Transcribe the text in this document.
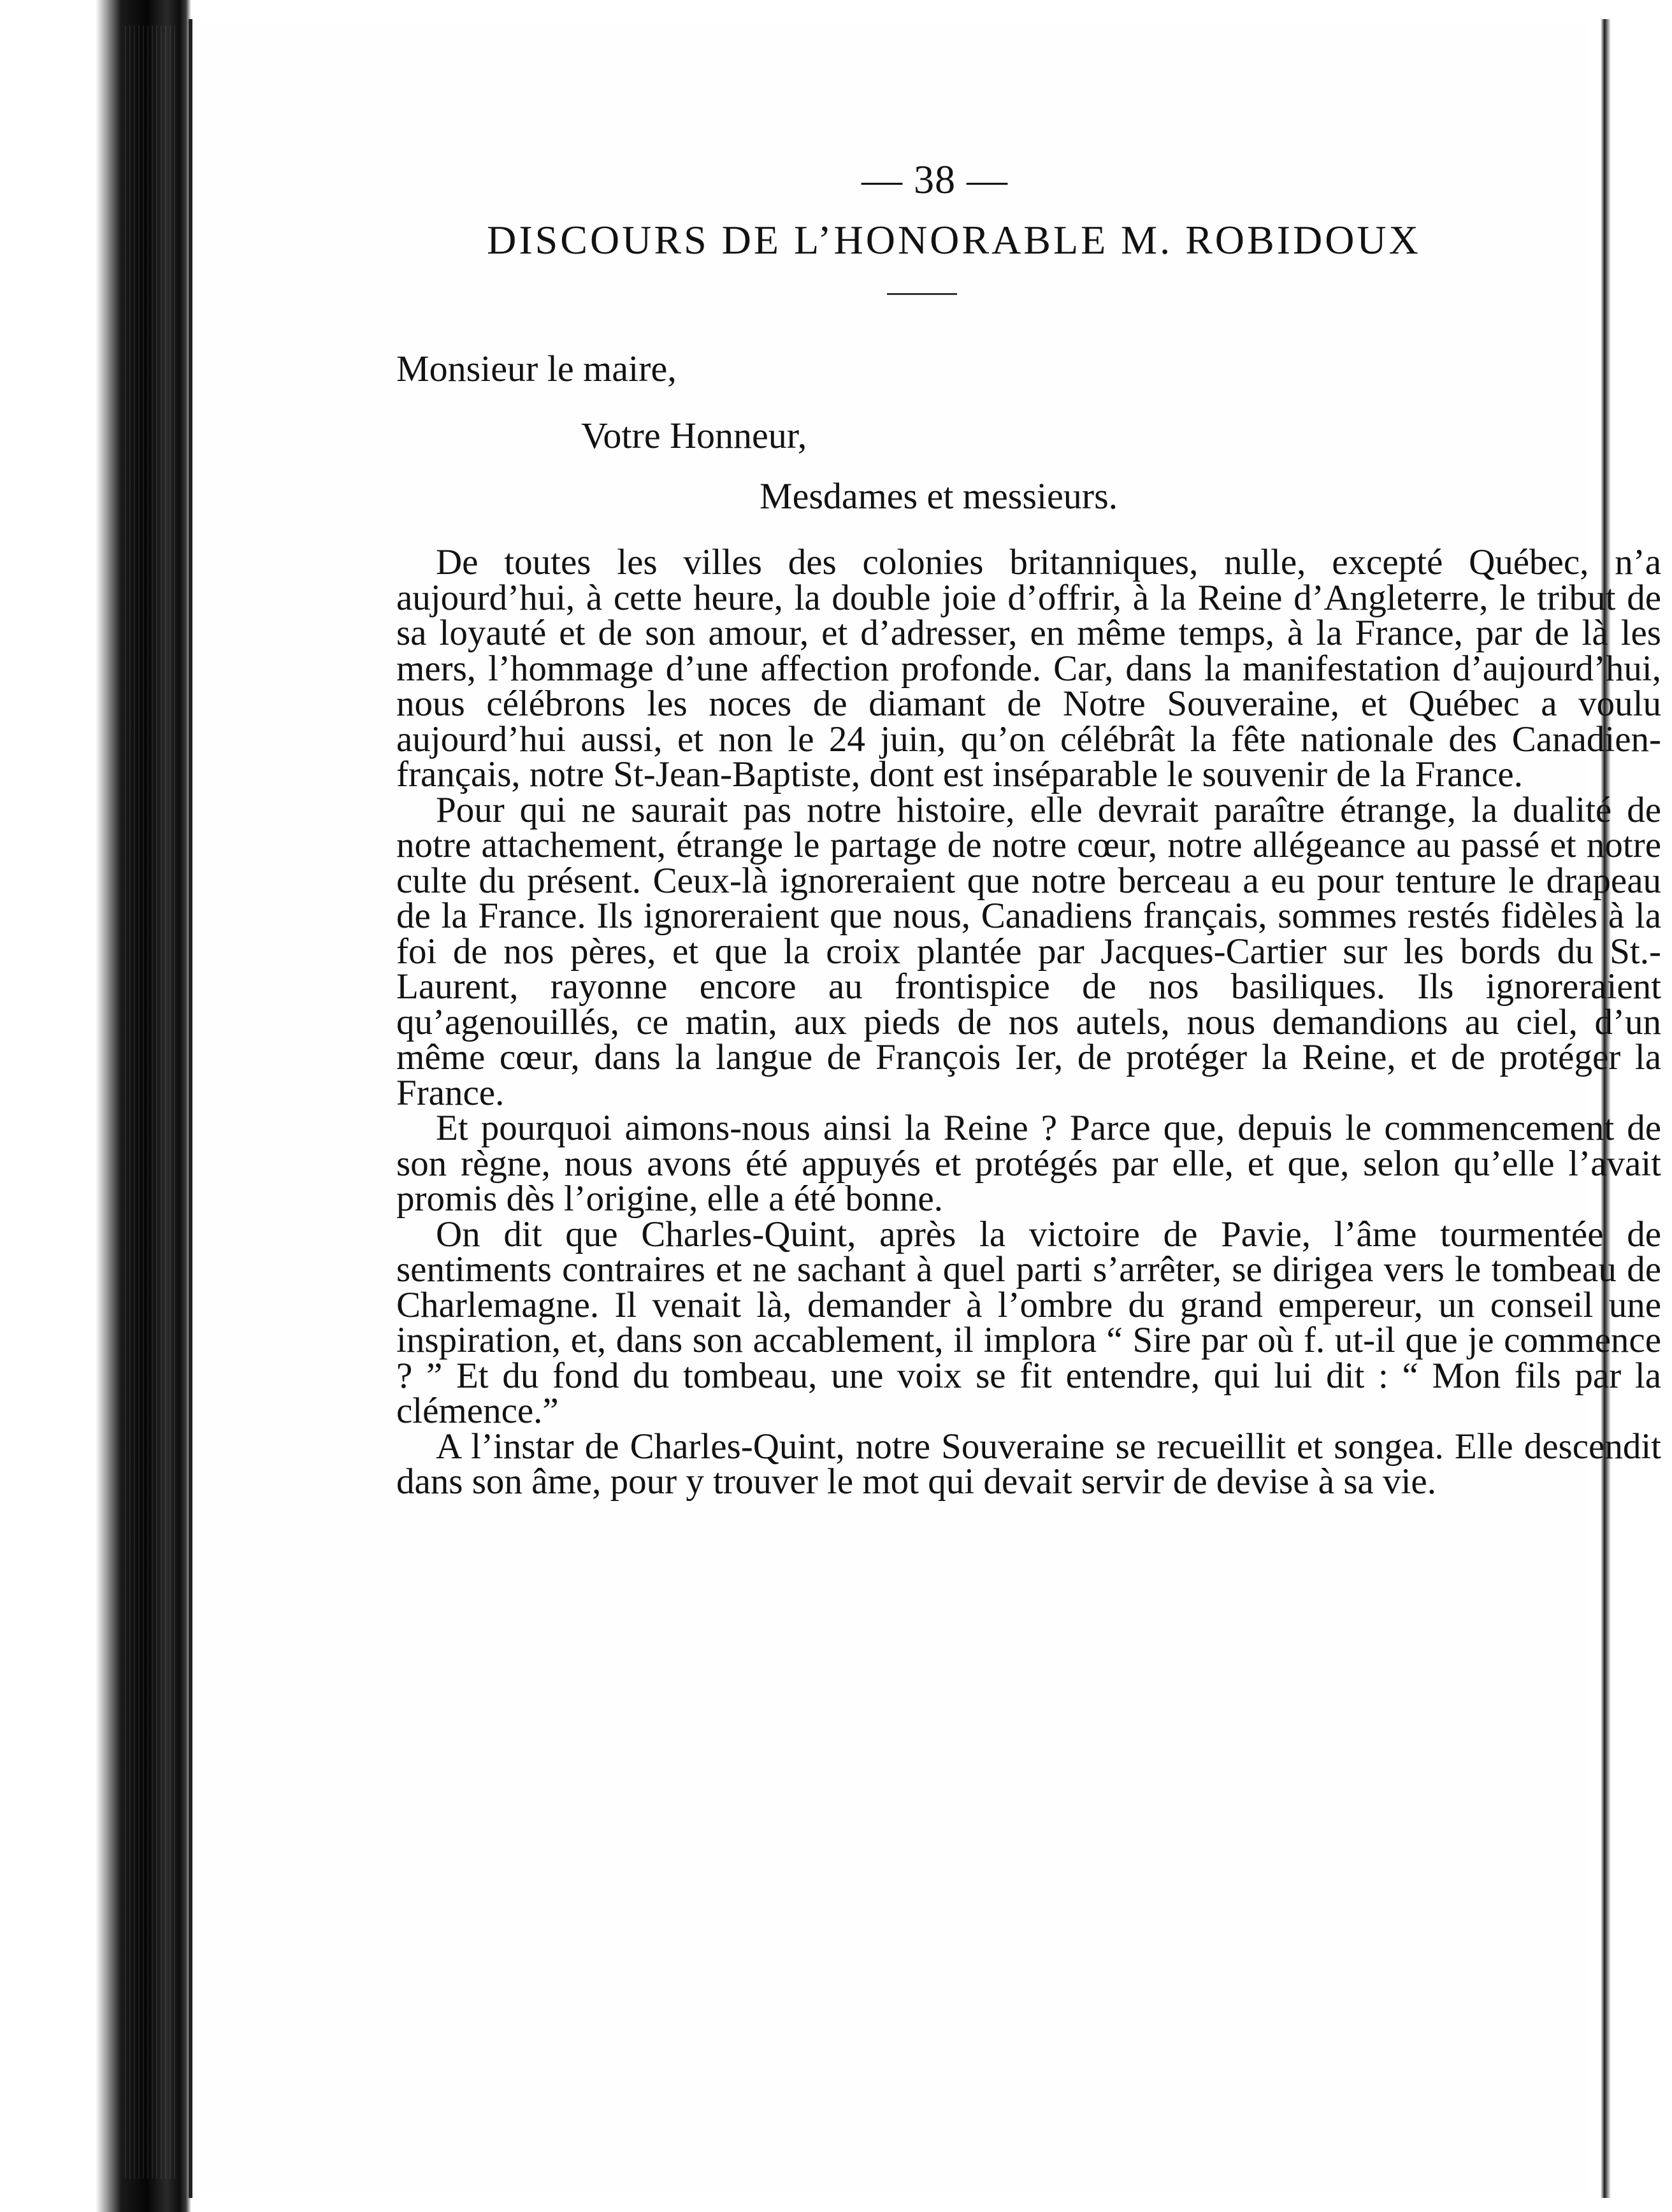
— 38 —
DISCOURS DE L’HONORABLE M. ROBIDOUX
Monsieur le maire,
Votre Honneur,
Mesdames et messieurs.

De toutes les villes des colonies britanniques, nulle, excepté Québec, n’a aujourd’hui, à cette heure, la double joie d’offrir, à la Reine d’Angleterre, le tribut de sa loyauté et de son amour, et d’adresser, en même temps, à la France, par de là les mers, l’hommage d’une affection profonde. Car, dans la manifestation d’aujourd’hui, nous célébrons les noces de diamant de Notre Souveraine, et Québec a voulu aujourd’hui aussi, et non le 24 juin, qu’on célébrât la fête nationale des Canadien-français, notre St-Jean-Baptiste, dont est inséparable le souvenir de la France.

Pour qui ne saurait pas notre histoire, elle devrait paraître étrange, la dualité de notre attachement, étrange le partage de notre cœur, notre allégeance au passé et notre culte du présent. Ceux-là ignoreraient que notre berceau a eu pour tenture le drapeau de la France. Ils ignoreraient que nous, Canadiens français, sommes restés fidèles à la foi de nos pères, et que la croix plantée par Jacques-Cartier sur les bords du St.-Laurent, rayonne encore au frontispice de nos basiliques. Ils ignoreraient qu’agenouillés, ce matin, aux pieds de nos autels, nous demandions au ciel, d’un même cœur, dans la langue de François Ier, de protéger la Reine, et de protéger la France.

Et pourquoi aimons-nous ainsi la Reine ? Parce que, depuis le commencement de son règne, nous avons été appuyés et protégés par elle, et que, selon qu’elle l’avait promis dès l’origine, elle a été bonne.

On dit que Charles-Quint, après la victoire de Pavie, l’âme tourmentée de sentiments contraires et ne sachant à quel parti s’arrêter, se dirigea vers le tombeau de Charlemagne. Il venait là, demander à l’ombre du grand empereur, un conseil une inspiration, et, dans son accablement, il implora “ Sire par où f. ut-il que je commence ? ” Et du fond du tombeau, une voix se fit entendre, qui lui dit : “ Mon fils par la clémence.”

A l’instar de Charles-Quint, notre Souveraine se recueillit et songea. Elle descendit dans son âme, pour y trouver le mot qui devait servir de devise à sa vie.
